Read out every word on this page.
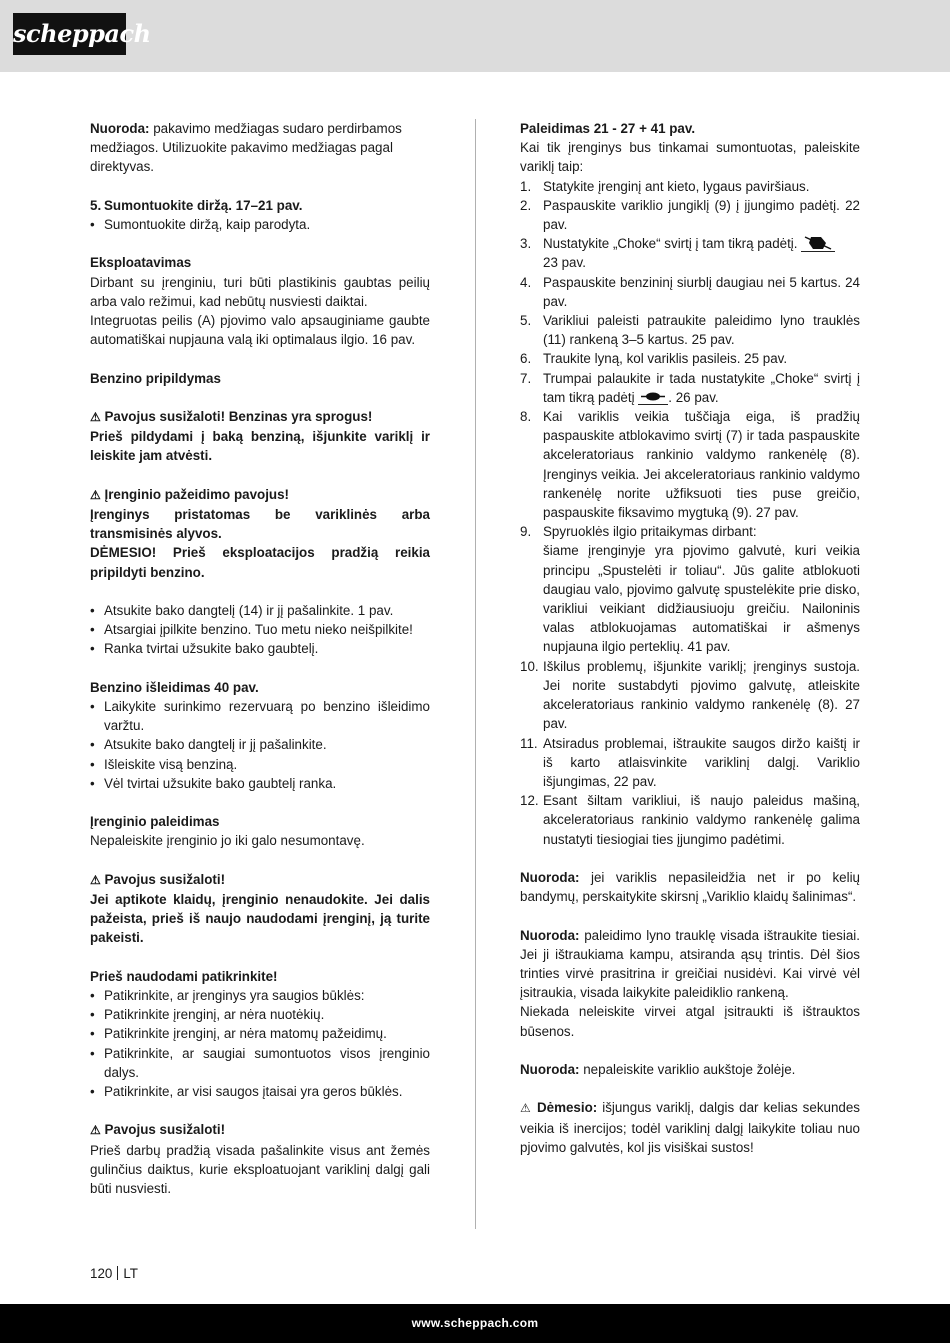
scheppach

Nuoroda: pakavimo medžiagas sudaro perdirbamos medžiagos. Utilizuokite pakavimo medžiagas pagal direktyvas.

5. Sumontuokite diržą. 17–21 pav.

• Sumontuokite diržą, kaip parodyta.

Eksploatavimas

Dirbant su įrenginiu, turi būti plastikinis gaubtas peilių arba valo režimui, kad nebūtų nusviesti daiktai.

Integruotas peilis (A) pjovimo valo apsauginiame gaubte automatiškai nupjauna valą iki optimalaus ilgio. 16 pav.

Benzino pripildymas

⚠ Pavojus susižaloti! Benzinas yra sprogus!

Prieš pildydami į baką benziną, išjunkite variklį ir leiskite jam atvėsti.

⚠ Įrenginio pažeidimo pavojus!

Įrenginys pristatomas be variklinės arba transmisinės alyvos.

DĖMESIO! Prieš eksploatacijos pradžią reikia pripildyti benzino.

• Atsukite bako dangtelį (14) ir jį pašalinkite. 1 pav.
• Atsargiai įpilkite benzino. Tuo metu nieko neišpilkite!
• Ranka tvirtai užsukite bako gaubtelį.

Benzino išleidimas 40 pav.

• Laikykite surinkimo rezervuarą po benzino išleidimo varžtu.
• Atsukite bako dangtelį ir jį pašalinkite.
• Išleiskite visą benziną.
• Vėl tvirtai užsukite bako gaubtelį ranka.

Įrenginio paleidimas

Nepaleiskite įrenginio jo iki galo nesumontavę.

⚠ Pavojus susižaloti!

Jei aptikote klaidų, įrenginio nenaudokite. Jei dalis pažeista, prieš iš naujo naudodami įrenginį, ją turite pakeisti.

Prieš naudodami patikrinkite!

• Patikrinkite, ar įrenginys yra saugios būklės:
• Patikrinkite įrenginį, ar nėra nuotėkių.
• Patikrinkite įrenginį, ar nėra matomų pažeidimų.
• Patikrinkite, ar saugiai sumontuotos visos įrenginio dalys.
• Patikrinkite, ar visi saugos įtaisai yra geros būklės.

⚠ Pavojus susižaloti!

Prieš darbų pradžią visada pašalinkite visus ant žemės gulinčius daiktus, kurie eksploatuojant variklinį dalgį gali būti nusviesti.

Paleidimas 21 - 27 + 41 pav.

Kai tik įrenginys bus tinkamai sumontuotas, paleiskite variklį taip:

1. Statykite įrenginį ant kieto, lygaus paviršiaus.
2. Paspauskite variklio jungiklį (9) į įjungimo padėtį. 22 pav.
3. Nustatykite „Choke“ svirtį į tam tikrą padėtį.
23 pav.
4. Paspauskite benzininį siurblį daugiau nei 5 kartus. 24 pav.
5. Varikliui paleisti patraukite paleidimo lyno trauklės (11) rankeną 3–5 kartus. 25 pav.
6. Traukite lyną, kol variklis pasileis. 25 pav.
7. Trumpai palaukite ir tada nustatykite „Choke“ svirtį į tam tikrą padėtį	. 26 pav.
8. Kai variklis veikia tuščiąja eiga, iš pradžių paspauskite atblokavimo svirtį (7) ir tada paspauskite akceleratoriaus rankinio valdymo rankenėlę (8). Įrenginys veikia. Jei akceleratoriaus rankinio valdymo rankenėlę norite užfiksuoti ties puse greičio, paspauskite fiksavimo mygtuką (9). 27 pav.
9. Spyruoklės ilgio pritaikymas dirbant:
šiame įrenginyje yra pjovimo galvutė, kuri veikia principu „Spustelėti ir toliau“. Jūs galite atblokuoti daugiau valo, pjovimo galvutę spustelėkite prie disko, varikliui veikiant didžiausiuoju greičiu. Nailoninis valas atblokuojamas automatiškai ir ašmenys nupjauna ilgio perteklių. 41 pav.
10. Iškilus problemų, išjunkite variklį; įrenginys sustoja. Jei norite sustabdyti pjovimo galvutę, atleiskite akceleratoriaus rankinio valdymo rankenėlę (8). 27 pav.
11. Atsiradus problemai, ištraukite saugos diržo kaištį ir iš karto atlaisvinkite variklinį dalgį. Variklio išjungimas, 22 pav.
12. Esant šiltam varikliui, iš naujo paleidus mašiną, akceleratoriaus rankinio valdymo rankenėlę galima nustatyti tiesiogiai ties įjungimo padėtimi.

Nuoroda: jei variklis nepasileidžia net ir po kelių bandymų, perskaitykite skirsnį „Variklio klaidų šalinimas“.

Nuoroda: paleidimo lyno trauklę visada ištraukite tiesiai. Jei ji ištraukiama kampu, atsiranda ąsų trintis. Dėl šios trinties virvė prasitrina ir greičiai nusidėvi. Kai virvė vėl įsitraukia, visada laikykite paleidiklio rankeną.

Niekada neleiskite virvei atgal įsitraukti iš ištrauktos būsenos.

Nuoroda: nepaleiskite variklio aukštoje žolėje.

⚠ Dėmesio: išjungus variklį, dalgis dar kelias sekundes veikia iš inercijos; todėl variklinį dalgį laikykite toliau nuo pjovimo galvutės, kol jis visiškai sustos!

120 LT
www.scheppach.com
